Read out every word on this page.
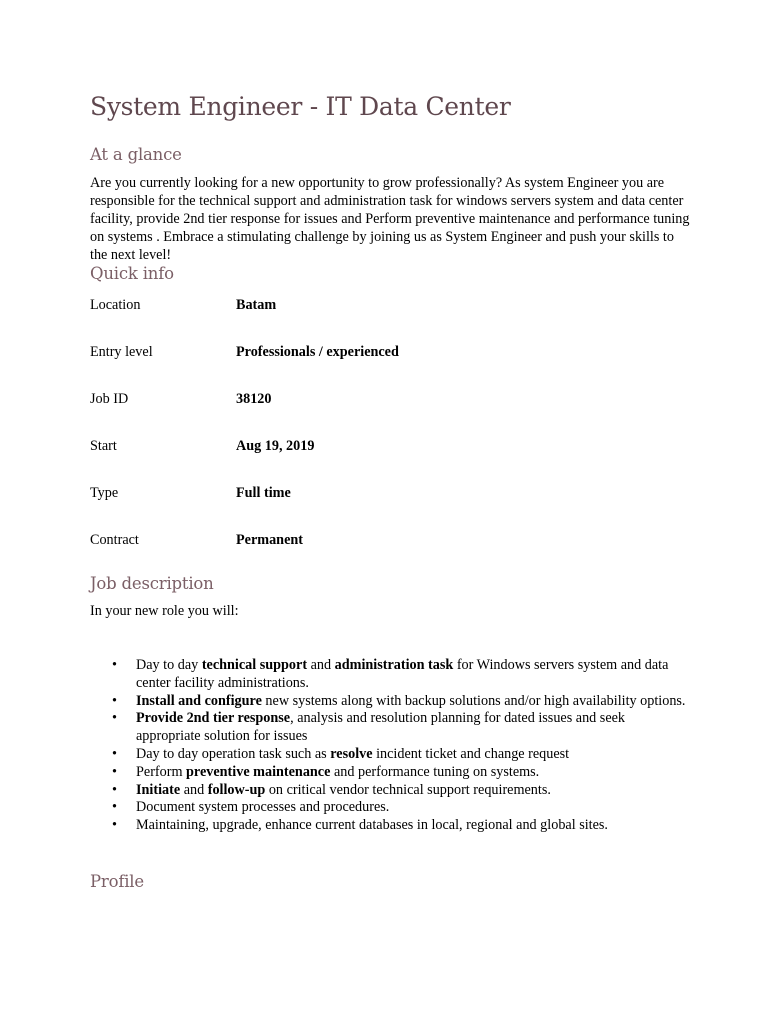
System Engineer - IT Data Center
At a glance

Are you currently looking for a new opportunity to grow professionally? As system Engineer you are responsible for the technical support and administration task for windows servers system and data center facility, provide 2nd tier response for issues and Perform preventive maintenance and performance tuning on systems . Embrace a stimulating challenge by joining us as System Engineer and push your skills to the next level!

Quick info
Location	Batam
Entry level	Professionals / experienced
Job ID	38120
Start	Aug 19, 2019
Type	Full time
Contract	Permanent
Job description

In your new role you will:

• Day to day technical support and administration task for Windows servers system and data center facility administrations.
• Install and configure new systems along with backup solutions and/or high availability options.
• Provide 2nd tier response, analysis and resolution planning for dated issues and seek appropriate solution for issues
• Day to day operation task such as resolve incident ticket and change request
• Perform preventive maintenance and performance tuning on systems.
• Initiate and follow-up on critical vendor technical support requirements.
• Document system processes and procedures.
• Maintaining, upgrade, enhance current databases in local, regional and global sites.
Profile
